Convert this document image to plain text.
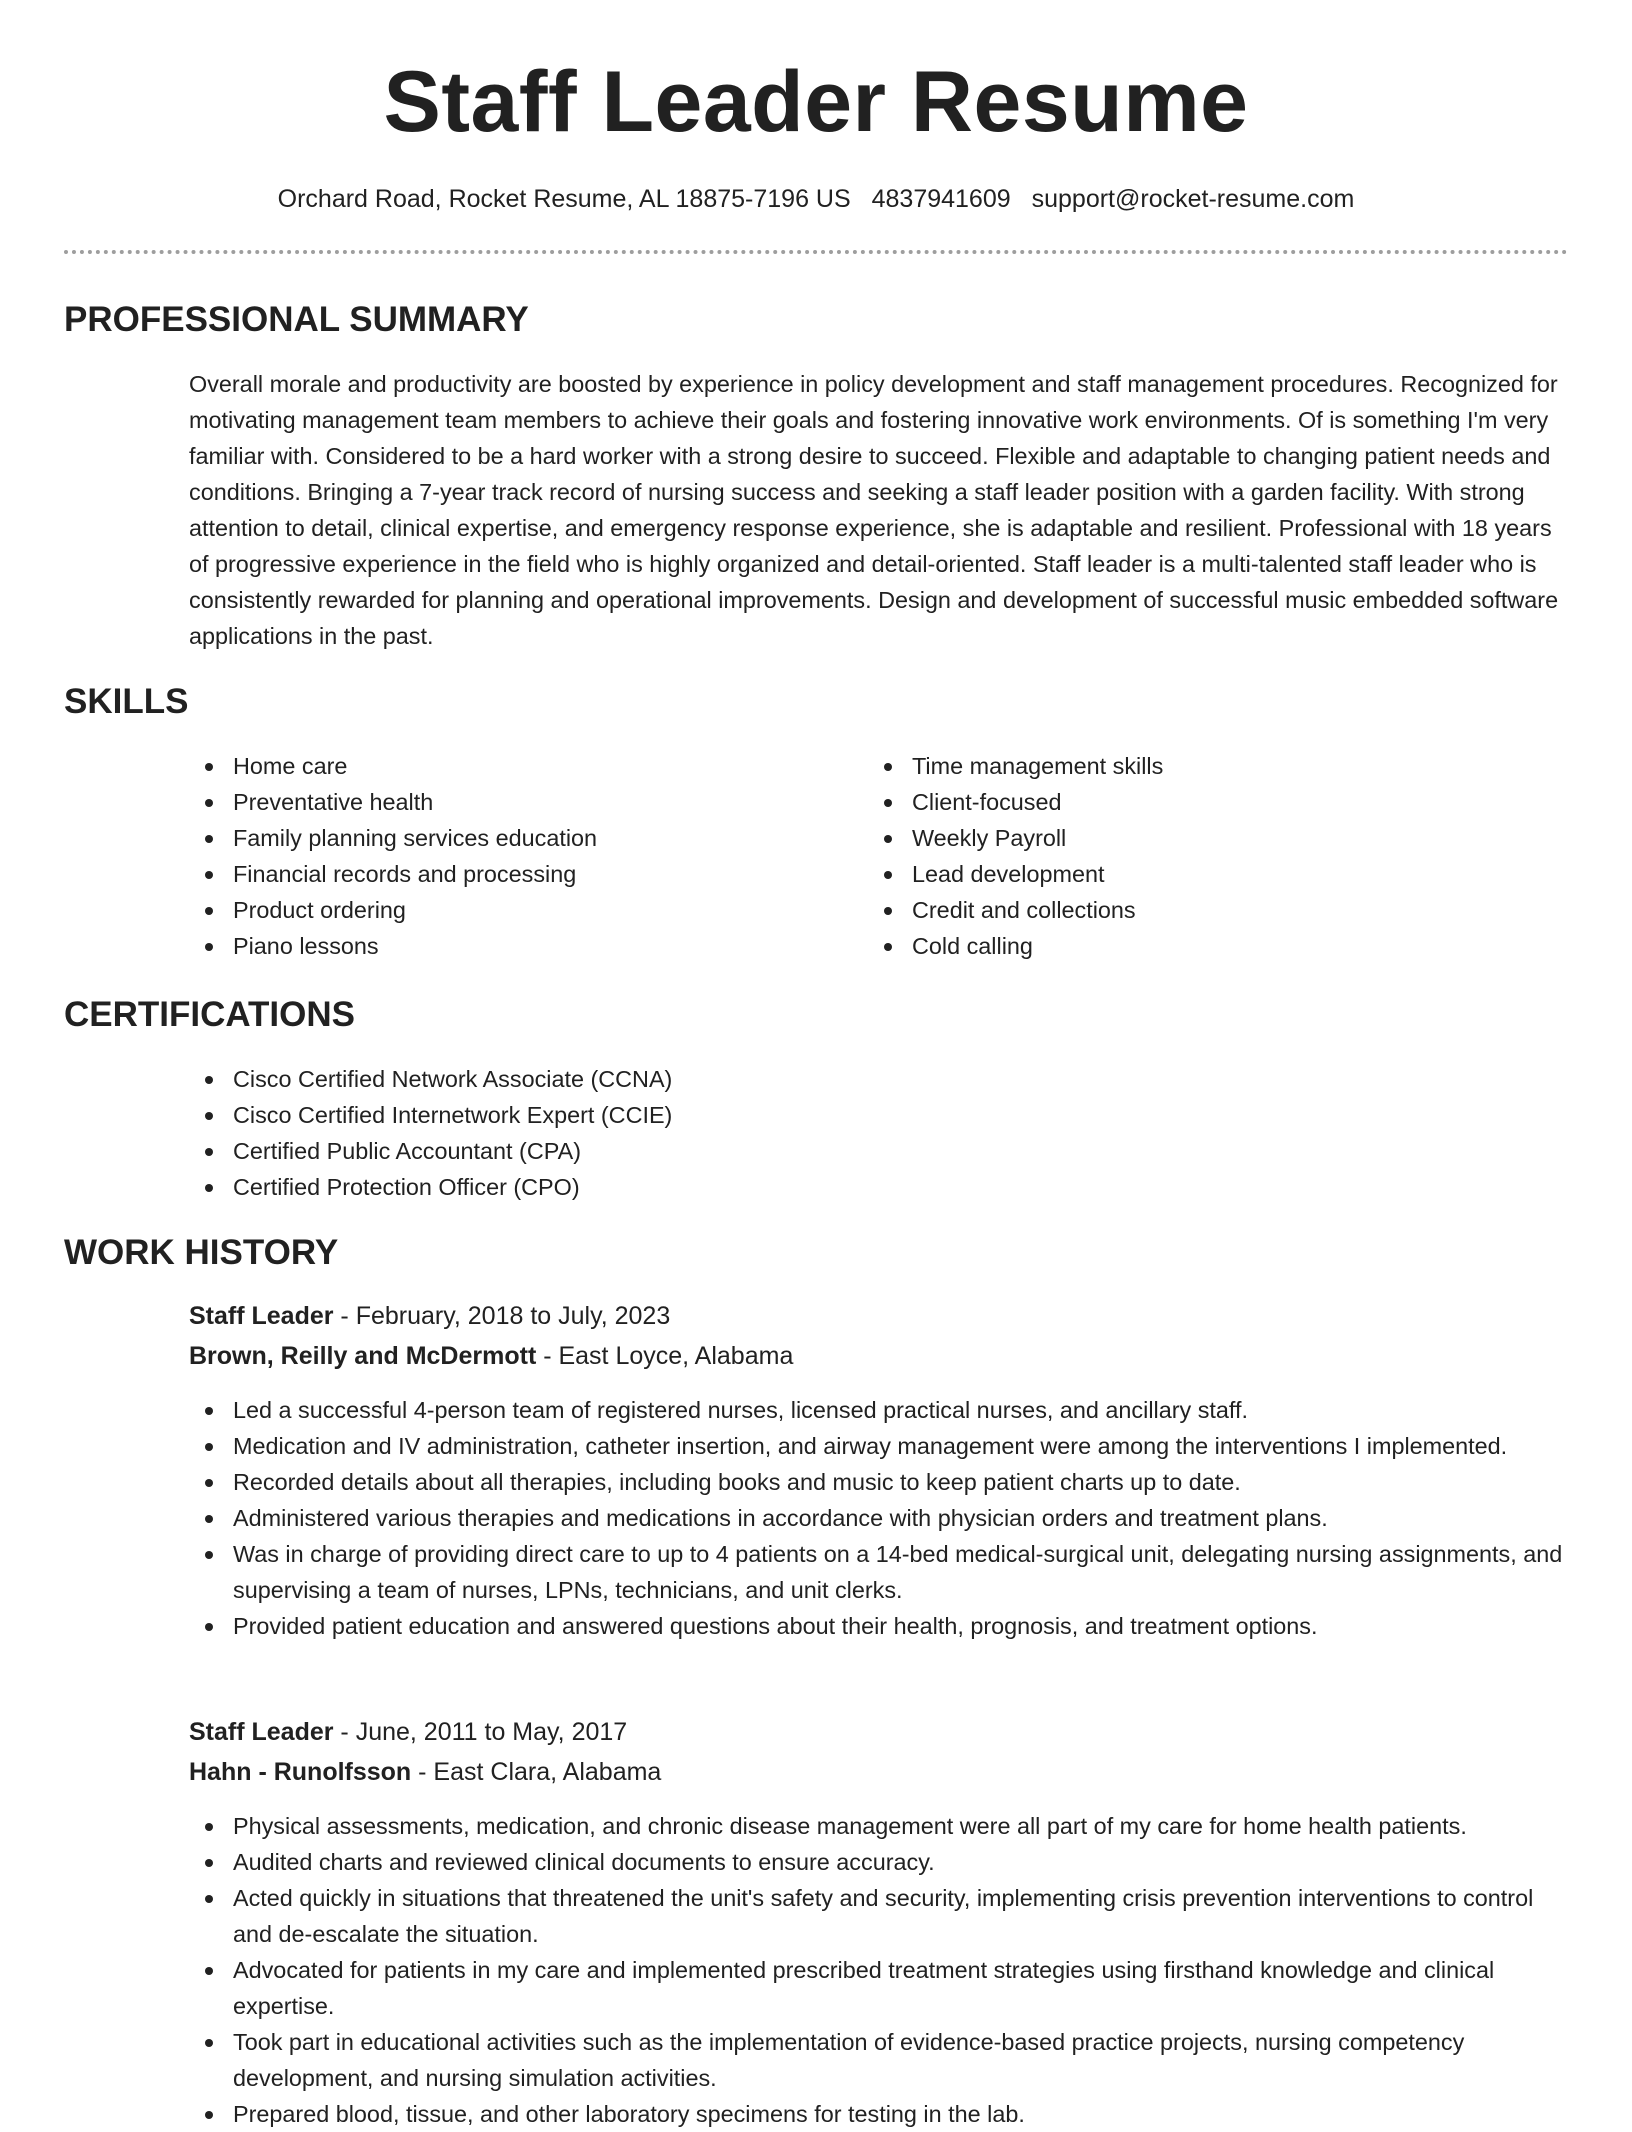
Staff Leader Resume
Orchard Road, Rocket Resume, AL 18875-7196 US 4837941609 support@rocket-resume.com
PROFESSIONAL SUMMARY

Overall morale and productivity are boosted by experience in policy development and staff management procedures. Recognized for motivating management team members to achieve their goals and fostering innovative work environments. Of is something I'm very familiar with. Considered to be a hard worker with a strong desire to succeed. Flexible and adaptable to changing patient needs and conditions. Bringing a 7-year track record of nursing success and seeking a staff leader position with a garden facility. With strong attention to detail, clinical expertise, and emergency response experience, she is adaptable and resilient. Professional with 18 years of progressive experience in the field who is highly organized and detail-oriented. Staff leader is a multi-talented staff leader who is consistently rewarded for planning and operational improvements. Design and development of successful music embedded software applications in the past.

SKILLS
Home care
Preventative health
Family planning services education
Financial records and processing
Product ordering
Piano lessons
Time management skills
Client-focused
Weekly Payroll
Lead development
Credit and collections
Cold calling
CERTIFICATIONS
Cisco Certified Network Associate (CCNA)
Cisco Certified Internetwork Expert (CCIE)
Certified Public Accountant (CPA)
Certified Protection Officer (CPO)
WORK HISTORY
Staff Leader - February, 2018 to July, 2023
Brown, Reilly and McDermott - East Loyce, Alabama
Led a successful 4-person team of registered nurses, licensed practical nurses, and ancillary staff.
Medication and IV administration, catheter insertion, and airway management were among the interventions I implemented.
Recorded details about all therapies, including books and music to keep patient charts up to date.
Administered various therapies and medications in accordance with physician orders and treatment plans.
Was in charge of providing direct care to up to 4 patients on a 14-bed medical-surgical unit, delegating nursing assignments, and supervising a team of nurses, LPNs, technicians, and unit clerks.
Provided patient education and answered questions about their health, prognosis, and treatment options.
Staff Leader - June, 2011 to May, 2017
Hahn - Runolfsson - East Clara, Alabama
Physical assessments, medication, and chronic disease management were all part of my care for home health patients.
Audited charts and reviewed clinical documents to ensure accuracy.
Acted quickly in situations that threatened the unit's safety and security, implementing crisis prevention interventions to control and de-escalate the situation.
Advocated for patients in my care and implemented prescribed treatment strategies using firsthand knowledge and clinical expertise.
Took part in educational activities such as the implementation of evidence-based practice projects, nursing competency development, and nursing simulation activities.
Prepared blood, tissue, and other laboratory specimens for testing in the lab.
